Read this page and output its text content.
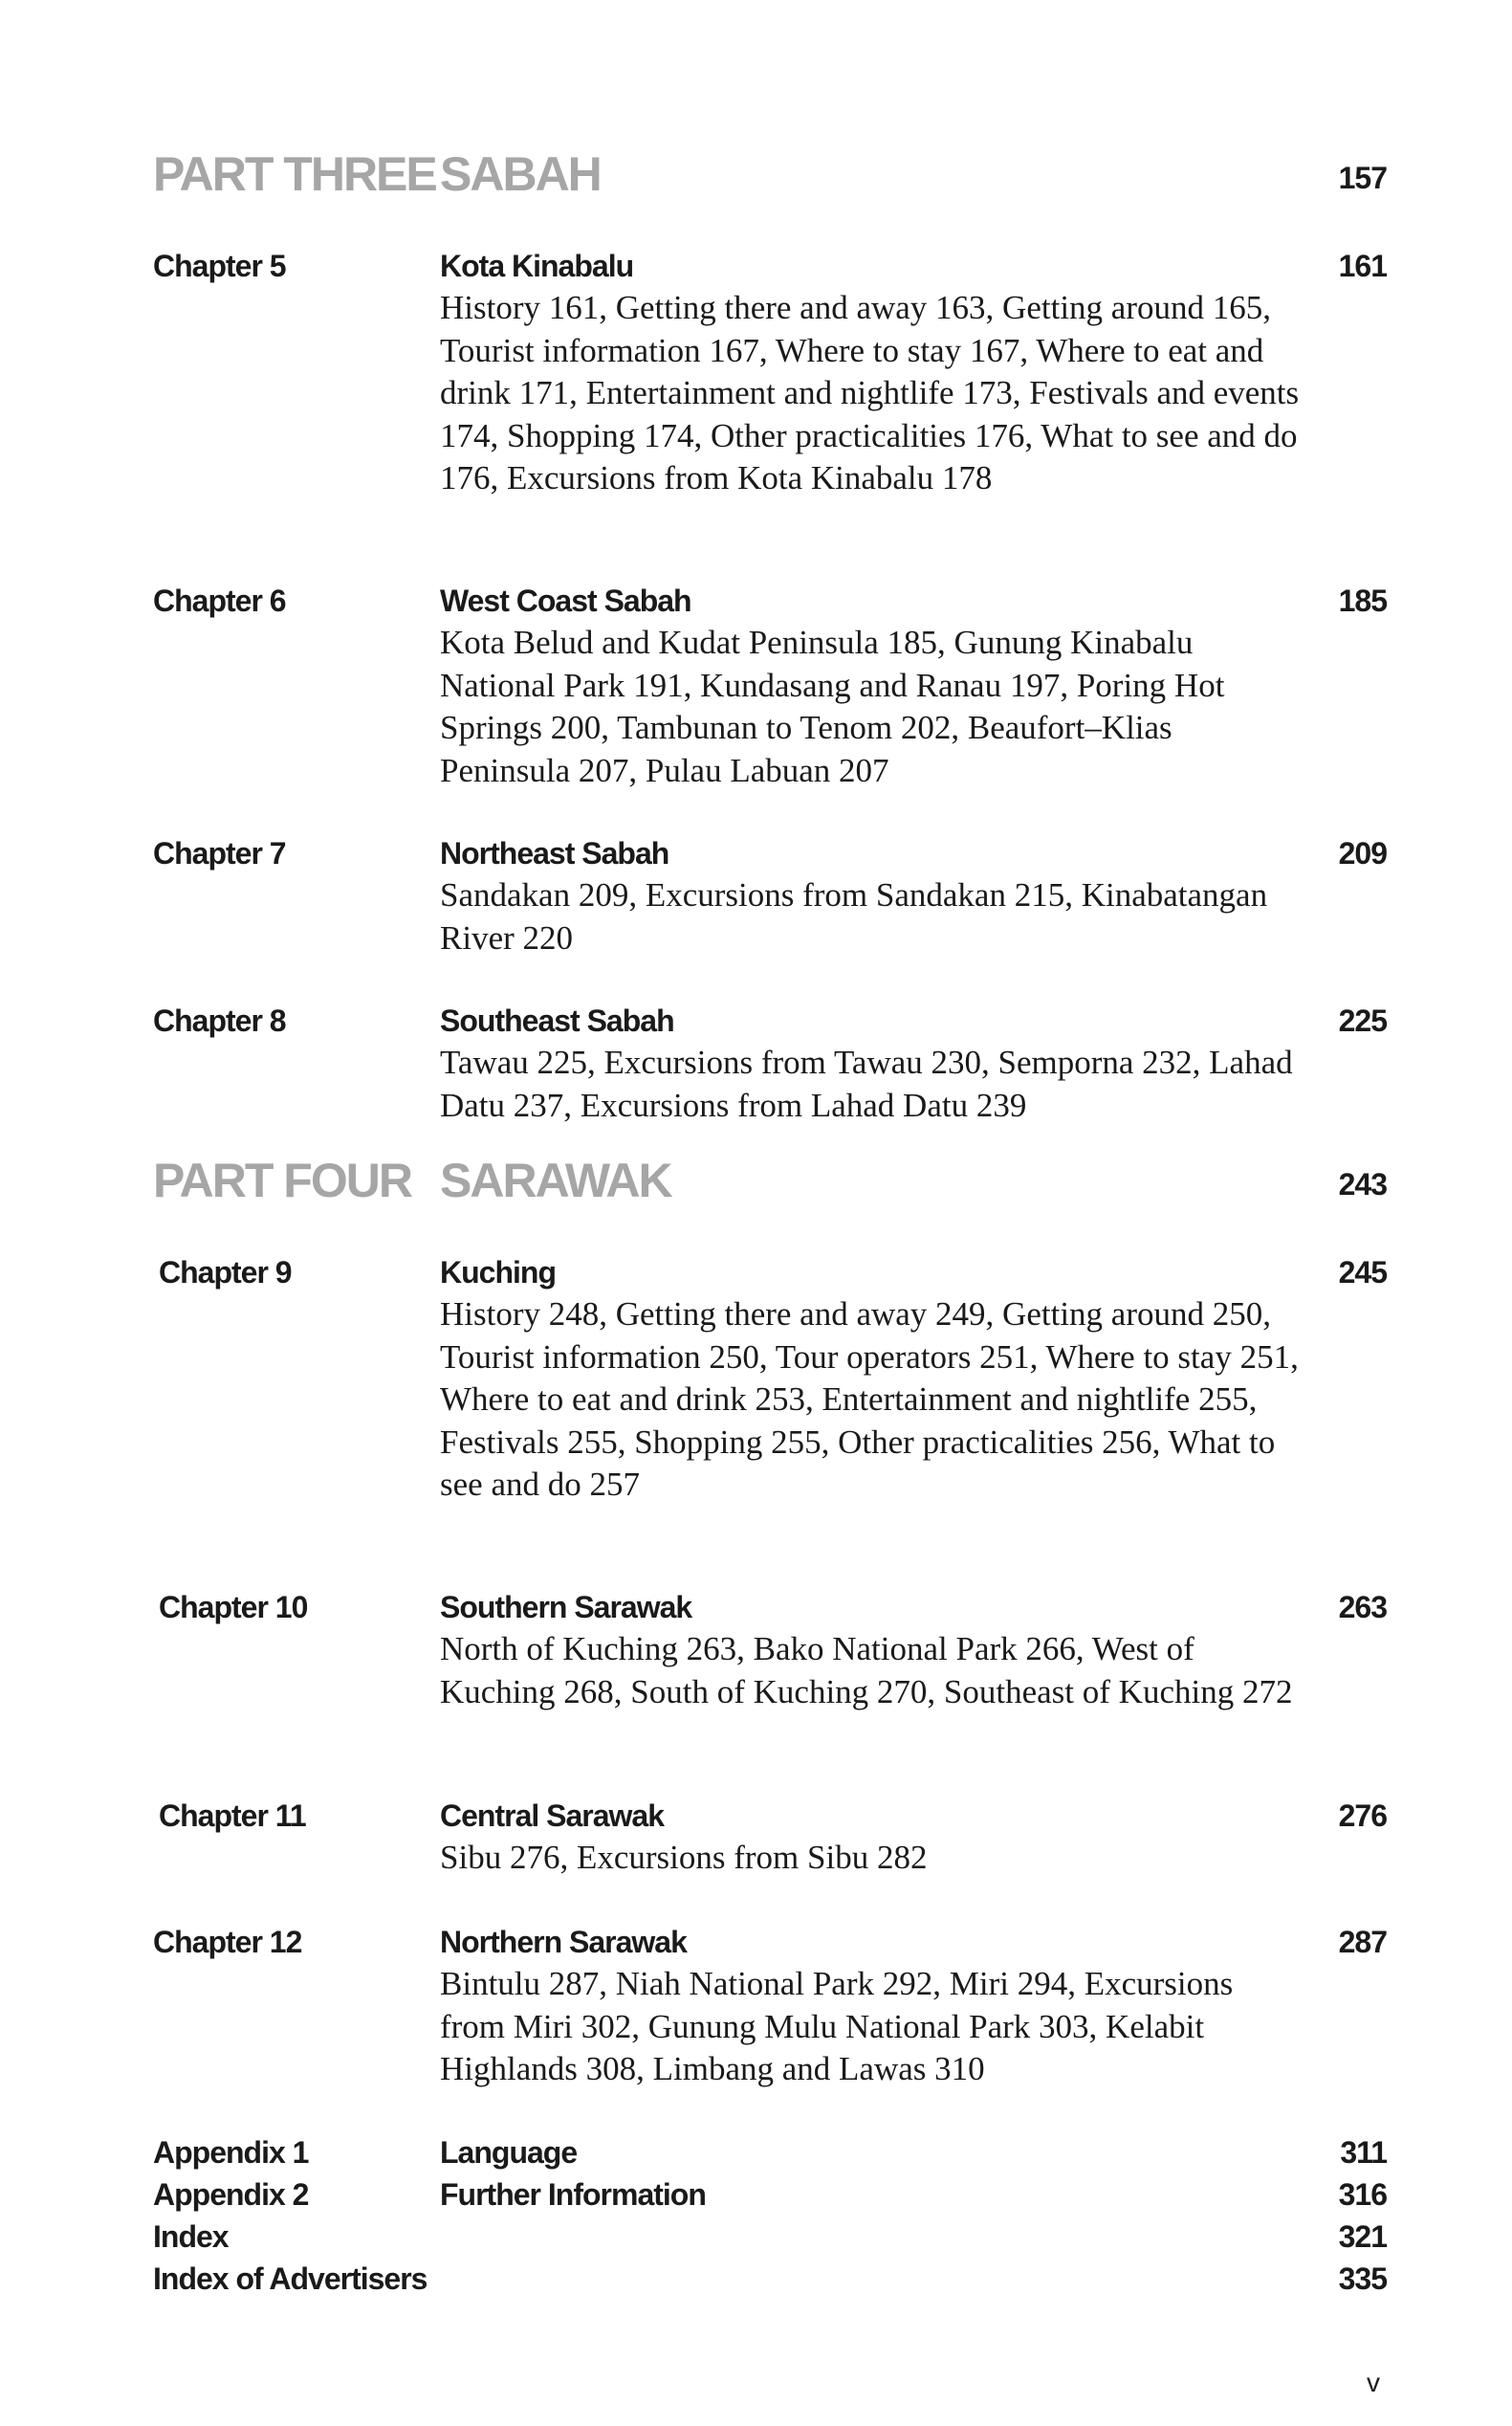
PART THREE SABAH	157
Chapter 5	Kota Kinabalu	161

History 161, Getting there and away 163, Getting around 165, Tourist information 167, Where to stay 167, Where to eat and drink 171, Entertainment and nightlife 173, Festivals and events 174, Shopping 174, Other practicalities 176, What to see and do 176, Excursions from Kota Kinabalu 178

Chapter 6	West Coast Sabah	185

Kota Belud and Kudat Peninsula 185, Gunung Kinabalu National Park 191, Kundasang and Ranau 197, Poring Hot Springs 200, Tambunan to Tenom 202, Beaufort–Klias Peninsula 207, Pulau Labuan 207

Chapter 7	Northeast Sabah	209

Sandakan 209, Excursions from Sandakan 215, Kinabatangan River 220

Chapter 8	Southeast Sabah	225

Tawau 225, Excursions from Tawau 230, Semporna 232, Lahad Datu 237, Excursions from Lahad Datu 239

PART FOUR SARAWAK	243
Chapter 9	Kuching	245

History 248, Getting there and away 249, Getting around 250, Tourist information 250, Tour operators 251, Where to stay 251, Where to eat and drink 253, Entertainment and nightlife 255, Festivals 255, Shopping 255, Other practicalities 256, What to see and do 257

Chapter 10	Southern Sarawak	263

North of Kuching 263, Bako National Park 266, West of Kuching 268, South of Kuching 270, Southeast of Kuching 272

Chapter 11	Central Sarawak	276

Sibu 276, Excursions from Sibu 282

Chapter 12	Northern Sarawak	287

Bintulu 287, Niah National Park 292, Miri 294, Excursions from Miri 302, Gunung Mulu National Park 303, Kelabit Highlands 308, Limbang and Lawas 310

Appendix 1	Language	311
Appendix 2	Further Information	316
Index	321
Index of Advertisers	335
v
